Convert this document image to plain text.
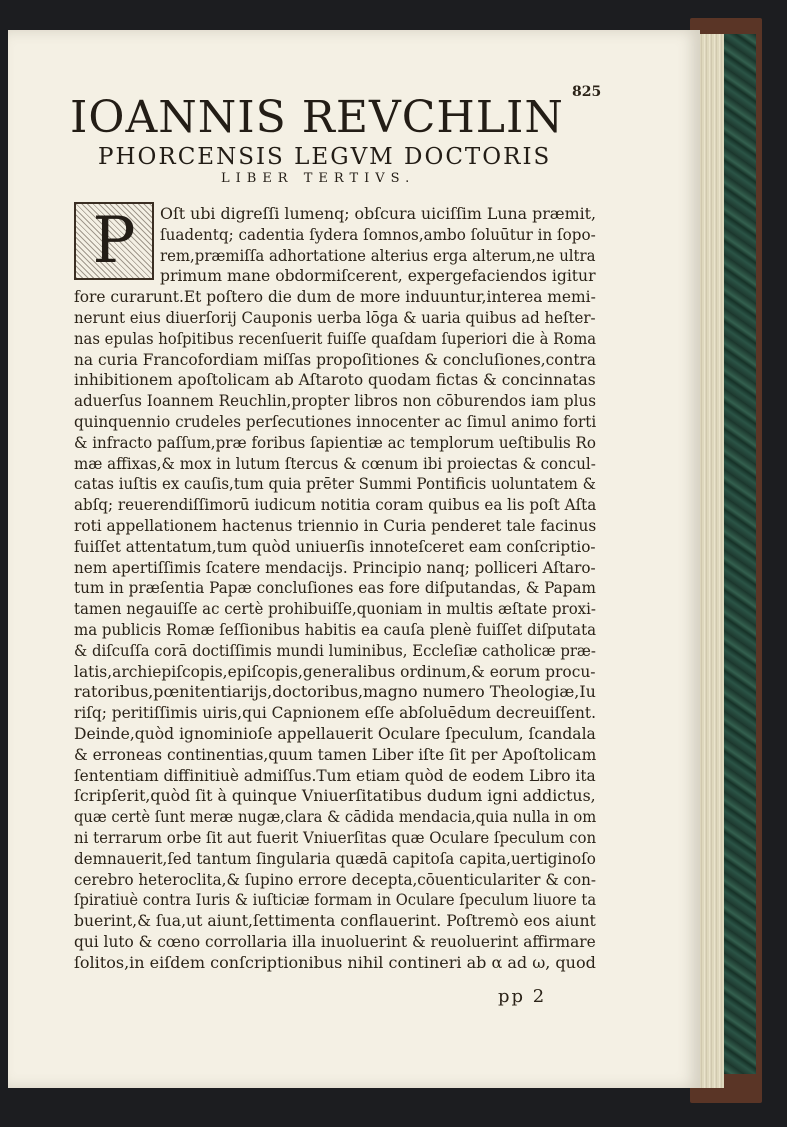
825
IOANNIS REVCHLIN
PHORCENSIS LEGVM DOCTORIS
LIBER TERTIVS.
P	Oſt ubi digreſſi lumenq; obſcura uiciſſim Luna præmit,
ſuadentq; cadentia ſydera ſomnos,ambo ſoluūtur in ſopo-
rem,præmiſſa adhortatione alterius erga alterum,ne ultra
primum mane obdormiſcerent, expergefaciendos igitur
fore curarunt.Et poſtero die dum de more induuntur,interea memi-
nerunt eius diuerſorij Cauponis uerba lōga & uaria quibus ad heſter-
nas epulas hoſpitibus recenſuerit fuiſſe quaſdam ſuperiori die à Roma
na curia Francofordiam miſſas propoſitiones & concluſiones,contra
inhibitionem apoſtolicam ab Aſtaroto quodam fictas & concinnatas
aduerſus Ioannem Reuchlin,propter libros non cōburendos iam plus
quinquennio crudeles perſecutiones innocenter ac ſimul animo forti
& infracto paſſum,præ foribus ſapientiæ ac templorum ueſtibulis Ro
mæ affixas,& mox in lutum ſtercus & cœnum ibi proiectas & concul-
catas iuſtis ex cauſis,tum quia prēter Summi Pontificis uoluntatem &
abſq; reuerendiſſimorū iudicum notitia coram quibus ea lis poſt Aſta
roti appellationem hactenus triennio in Curia penderet tale facinus
fuiſſet attentatum,tum quòd uniuerſis innoteſceret eam conſcriptio-
nem apertiſſimis ſcatere mendacijs. Principio nanq; polliceri Aſtaro-
tum in præſentia Papæ concluſiones eas fore diſputandas, & Papam
tamen negauiſſe ac certè prohibuiſſe,quoniam in multis æſtate proxi-
ma publicis Romæ ſeſſionibus habitis ea cauſa plenè fuiſſet diſputata
& diſcuſſa corā doctiſſimis mundi luminibus, Eccleſiæ catholicæ præ-
latis,archiepiſcopis,epiſcopis,generalibus ordinum,& eorum procu-
ratoribus,pœnitentiarijs,doctoribus,magno numero Theologiæ,Iu
riſq; peritiſſimis uiris,qui Capnionem eſſe abſoluēdum decreuiſſent.
Deinde,quòd ignominioſe appellauerit Oculare ſpeculum, ſcandala
& erroneas continentias,quum tamen Liber iſte ſit per Apoſtolicam
ſententiam diffinitiuè admiſſus.Tum etiam quòd de eodem Libro ita
ſcripſerit,quòd ſit à quinque Vniuerſitatibus dudum igni addictus,
quæ certè ſunt meræ nugæ,clara & cādida mendacia,quia nulla in om
ni terrarum orbe ſit aut fuerit Vniuerſitas quæ Oculare ſpeculum con
demnauerit,ſed tantum ſingularia quædā capitoſa capita,uertiginoſo
cerebro heteroclita,& ſupino errore decepta,cōuenticulariter & con-
ſpiratiuè contra Iuris & iuſticiæ formam in Oculare ſpeculum liuore ta
buerint,& ſua,ut aiunt,ſettimenta conflauerint. Poſtremò eos aiunt
qui luto & cœno corrollaria illa inuoluerint & reuoluerint affirmare
ſolitos,in eiſdem conſcriptionibus nihil contineri ab α ad ω, quod
pp 2
